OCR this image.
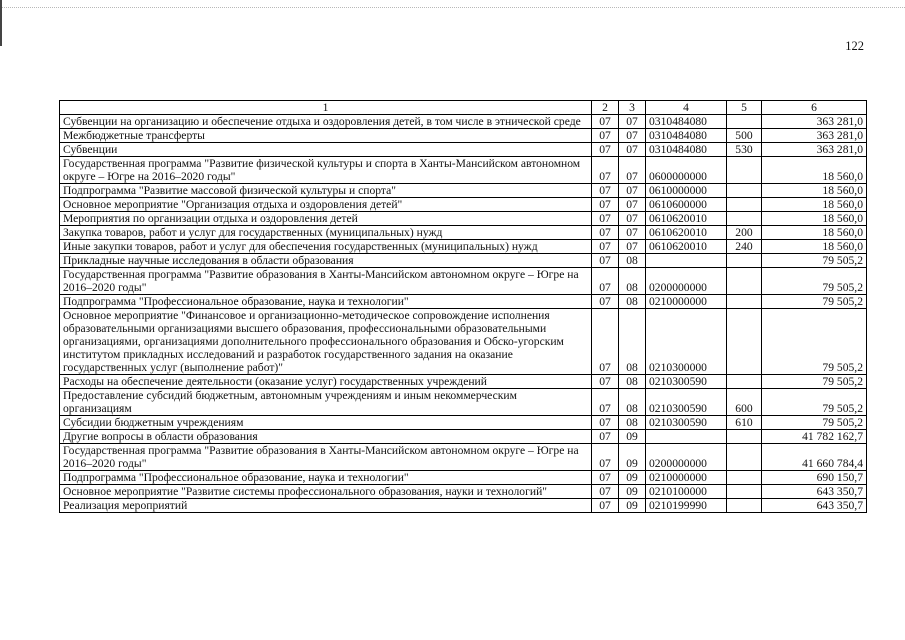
122
1	2	3	4	5	6
Субвенции на организацию и обеспечение отдыха и оздоровления детей, в том числе в этнической среде	07	07	0310484080		363 281,0
Межбюджетные трансферты	07	07	0310484080	500	363 281,0
Субвенции	07	07	0310484080	530	363 281,0
Государственная программа "Развитие физической культуры и спорта в Ханты-Мансийском автономном округе – Югре на 2016–2020 годы"	07	07	0600000000		18 560,0
Подпрограмма "Развитие массовой физической культуры и спорта"	07	07	0610000000		18 560,0
Основное мероприятие "Организация отдыха и оздоровления детей"	07	07	0610600000		18 560,0
Мероприятия по организации отдыха и оздоровления детей	07	07	0610620010		18 560,0
Закупка товаров, работ и услуг для государственных (муниципальных) нужд	07	07	0610620010	200	18 560,0
Иные закупки товаров, работ и услуг для обеспечения государственных (муниципальных) нужд	07	07	0610620010	240	18 560,0
Прикладные научные исследования в области образования	07	08			79 505,2
Государственная программа "Развитие образования в Ханты-Мансийском автономном округе – Югре на 2016–2020 годы"	07	08	0200000000		79 505,2
Подпрограмма "Профессиональное образование, наука и технологии"	07	08	0210000000		79 505,2
Основное мероприятие "Финансовое и организационно-методическое сопровождение исполнения образовательными организациями высшего образования, профессиональными образовательными организациями, организациями дополнительного профессионального образования и Обско-угорским институтом прикладных исследований и разработок государственного задания на оказание государственных услуг (выполнение работ)"	07	08	0210300000		79 505,2
Расходы на обеспечение деятельности (оказание услуг) государственных учреждений	07	08	0210300590		79 505,2
Предоставление субсидий бюджетным, автономным учреждениям и иным некоммерческим организациям	07	08	0210300590	600	79 505,2
Субсидии бюджетным учреждениям	07	08	0210300590	610	79 505,2
Другие вопросы в области образования	07	09			41 782 162,7
Государственная программа "Развитие образования в Ханты-Мансийском автономном округе – Югре на 2016–2020 годы"	07	09	0200000000		41 660 784,4
Подпрограмма "Профессиональное образование, наука и технологии"	07	09	0210000000		690 150,7
Основное мероприятие "Развитие системы профессионального образования, науки и технологий"	07	09	0210100000		643 350,7
Реализация мероприятий	07	09	0210199990		643 350,7
